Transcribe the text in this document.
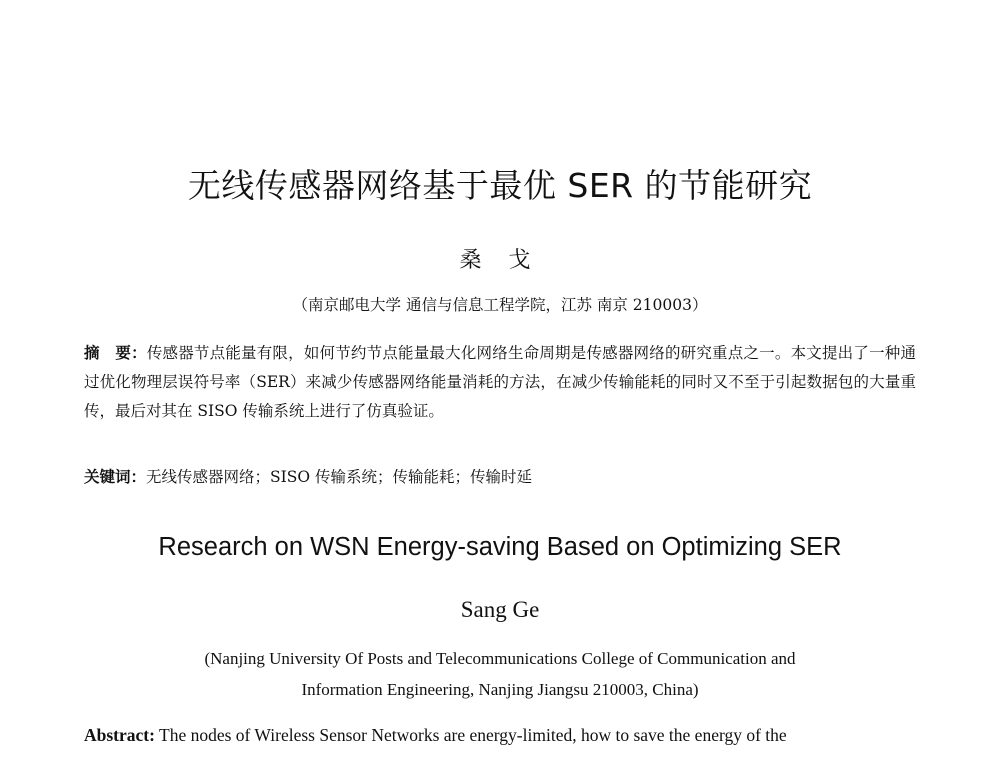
无线传感器网络基于最优 SER 的节能研究
桑 戈
（南京邮电大学 通信与信息工程学院，江苏 南京 210003）
摘　要：传感器节点能量有限，如何节约节点能量最大化网络生命周期是传感器网络的研究重点之一。本文提出了一种通过优化物理层误符号率（SER）来减少传感器网络能量消耗的方法，在减少传输能耗的同时又不至于引起数据包的大量重传，最后对其在 SISO 传输系统上进行了仿真验证。
关键词：无线传感器网络；SISO 传输系统；传输能耗；传输时延
Research on WSN Energy-saving Based on Optimizing SER
Sang Ge
(Nanjing University Of Posts and Telecommunications College of Communication and
Information Engineering, Nanjing Jiangsu 210003, China)
Abstract: The nodes of Wireless Sensor Networks are energy-limited, how to save the energy of the
